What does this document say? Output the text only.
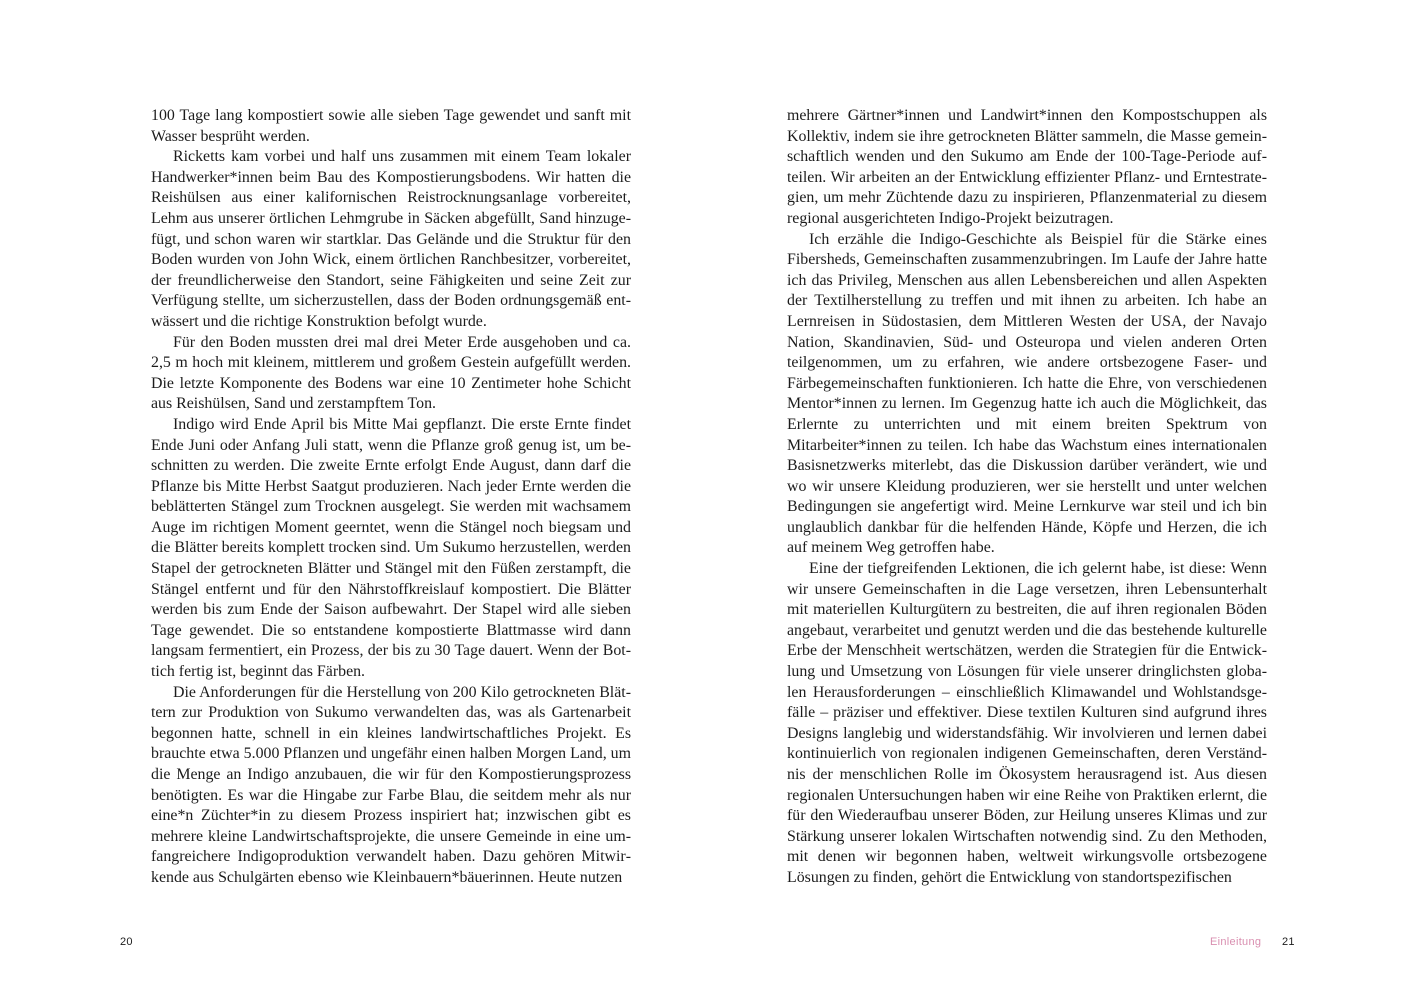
100 Tage lang kompostiert sowie alle sieben Tage gewendet und sanft mit Wasser besprüht werden.

Ricketts kam vorbei und half uns zusammen mit einem Team lokaler Handwerker*innen beim Bau des Kompostierungsbodens. Wir hatten die Reishülsen aus einer kalifornischen Reistrocknungsanlage vorbereitet, Lehm aus unserer örtlichen Lehmgrube in Säcken abgefüllt, Sand hinzugefügt, und schon waren wir startklar. Das Gelände und die Struktur für den Boden wurden von John Wick, einem örtlichen Ranchbesitzer, vorbereitet, der freundlicherweise den Standort, seine Fähigkeiten und seine Zeit zur Verfügung stellte, um sicherzustellen, dass der Boden ordnungsgemäß entwässert und die richtige Konstruktion befolgt wurde.

Für den Boden mussten drei mal drei Meter Erde ausgehoben und ca. 2,5 m hoch mit kleinem, mittlerem und großem Gestein aufgefüllt werden. Die letzte Komponente des Bodens war eine 10 Zentimeter hohe Schicht aus Reishülsen, Sand und zerstampftem Ton.

Indigo wird Ende April bis Mitte Mai gepflanzt. Die erste Ernte findet Ende Juni oder Anfang Juli statt, wenn die Pflanze groß genug ist, um beschnitten zu werden. Die zweite Ernte erfolgt Ende August, dann darf die Pflanze bis Mitte Herbst Saatgut produzieren. Nach jeder Ernte werden die beblätterten Stängel zum Trocknen ausgelegt. Sie werden mit wachsamem Auge im richtigen Moment geerntet, wenn die Stängel noch biegsam und die Blätter bereits komplett trocken sind. Um Sukumo herzustellen, werden Stapel der getrockneten Blätter und Stängel mit den Füßen zerstampft, die Stängel entfernt und für den Nährstoffkreislauf kompostiert. Die Blätter werden bis zum Ende der Saison aufbewahrt. Der Stapel wird alle sieben Tage gewendet. Die so entstandene kompostierte Blattmasse wird dann langsam fermentiert, ein Prozess, der bis zu 30 Tage dauert. Wenn der Bottich fertig ist, beginnt das Färben.

Die Anforderungen für die Herstellung von 200 Kilo getrockneten Blättern zur Produktion von Sukumo verwandelten das, was als Gartenarbeit begonnen hatte, schnell in ein kleines landwirtschaftliches Projekt. Es brauchte etwa 5.000 Pflanzen und ungefähr einen halben Morgen Land, um die Menge an Indigo anzubauen, die wir für den Kompostierungsprozess benötigten. Es war die Hingabe zur Farbe Blau, die seitdem mehr als nur eine*n Züchter*in zu diesem Prozess inspiriert hat; inzwischen gibt es mehrere kleine Landwirtschaftsprojekte, die unsere Gemeinde in eine umfangreichere Indigoproduktion verwandelt haben. Dazu gehören Mitwirkende aus Schulgärten ebenso wie Kleinbauern*bäuerinnen. Heute nutzen

20

mehrere Gärtner*innen und Landwirt*innen den Kompostschuppen als Kollektiv, indem sie ihre getrockneten Blätter sammeln, die Masse gemeinschaftlich wenden und den Sukumo am Ende der 100-Tage-Periode aufteilen. Wir arbeiten an der Entwicklung effizienter Pflanz- und Erntestrategien, um mehr Züchtende dazu zu inspirieren, Pflanzenmaterial zu diesem regional ausgerichteten Indigo-Projekt beizutragen.

Ich erzähle die Indigo-Geschichte als Beispiel für die Stärke eines Fibersheds, Gemeinschaften zusammenzubringen. Im Laufe der Jahre hatte ich das Privileg, Menschen aus allen Lebensbereichen und allen Aspekten der Textilherstellung zu treffen und mit ihnen zu arbeiten. Ich habe an Lernreisen in Südostasien, dem Mittleren Westen der USA, der Navajo Nation, Skandinavien, Süd- und Osteuropa und vielen anderen Orten teilgenommen, um zu erfahren, wie andere ortsbezogene Faser- und Färbegemeinschaften funktionieren. Ich hatte die Ehre, von verschiedenen Mentor*innen zu lernen. Im Gegenzug hatte ich auch die Möglichkeit, das Erlernte zu unterrichten und mit einem breiten Spektrum von Mitarbeiter*innen zu teilen. Ich habe das Wachstum eines internationalen Basisnetzwerks miterlebt, das die Diskussion darüber verändert, wie und wo wir unsere Kleidung produzieren, wer sie herstellt und unter welchen Bedingungen sie angefertigt wird. Meine Lernkurve war steil und ich bin unglaublich dankbar für die helfenden Hände, Köpfe und Herzen, die ich auf meinem Weg getroffen habe.

Eine der tiefgreifenden Lektionen, die ich gelernt habe, ist diese: Wenn wir unsere Gemeinschaften in die Lage versetzen, ihren Lebensunterhalt mit materiellen Kulturgütern zu bestreiten, die auf ihren regionalen Böden angebaut, verarbeitet und genutzt werden und die das bestehende kulturelle Erbe der Menschheit wertschätzen, werden die Strategien für die Entwicklung und Umsetzung von Lösungen für viele unserer dringlichsten globalen Herausforderungen – einschließlich Klimawandel und Wohlstandsgefälle – präziser und effektiver. Diese textilen Kulturen sind aufgrund ihres Designs langlebig und widerstandsfähig. Wir involvieren und lernen dabei kontinuierlich von regionalen indigenen Gemeinschaften, deren Verständnis der menschlichen Rolle im Ökosystem herausragend ist. Aus diesen regionalen Untersuchungen haben wir eine Reihe von Praktiken erlernt, die für den Wiederaufbau unserer Böden, zur Heilung unseres Klimas und zur Stärkung unserer lokalen Wirtschaften notwendig sind. Zu den Methoden, mit denen wir begonnen haben, weltweit wirkungsvolle ortsbezogene Lösungen zu finden, gehört die Entwicklung von standortspezifischen

Einleitung 21
